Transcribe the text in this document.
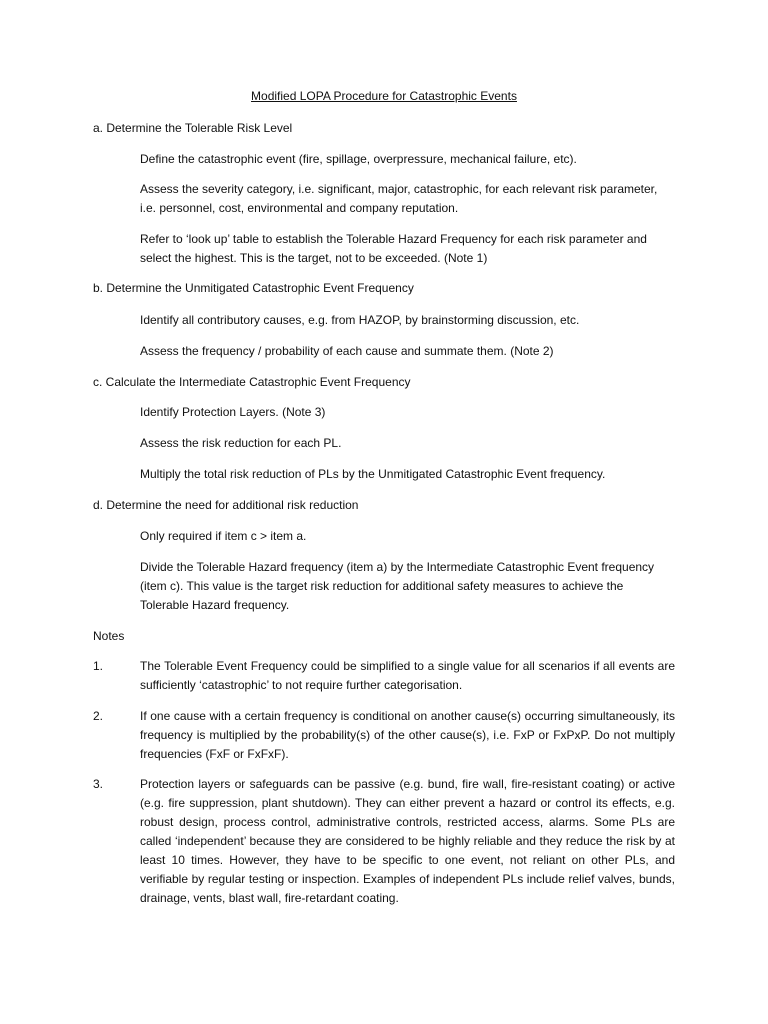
Modified LOPA Procedure for Catastrophic Events

a. Determine the Tolerable Risk Level

Define the catastrophic event (fire, spillage, overpressure, mechanical failure, etc).

Assess the severity category, i.e. significant, major, catastrophic, for each relevant risk parameter, i.e. personnel, cost, environmental and company reputation.

Refer to ‘look up’ table to establish the Tolerable Hazard Frequency for each risk parameter and select the highest. This is the target, not to be exceeded. (Note 1)

b. Determine the Unmitigated Catastrophic Event Frequency

Identify all contributory causes, e.g. from HAZOP, by brainstorming discussion, etc.

Assess the frequency / probability of each cause and summate them. (Note 2)

c. Calculate the Intermediate Catastrophic Event Frequency

Identify Protection Layers. (Note 3)

Assess the risk reduction for each PL.

Multiply the total risk reduction of PLs by the Unmitigated Catastrophic Event frequency.

d. Determine the need for additional risk reduction

Only required if item c > item a.

Divide the Tolerable Hazard frequency (item a) by the Intermediate Catastrophic Event frequency (item c). This value is the target risk reduction for additional safety measures to achieve the Tolerable Hazard frequency.

Notes

1.	The Tolerable Event Frequency could be simplified to a single value for all scenarios if all events are sufficiently ‘catastrophic’ to not require further categorisation.

2.	If one cause with a certain frequency is conditional on another cause(s) occurring simultaneously, its frequency is multiplied by the probability(s) of the other cause(s), i.e. FxP or FxPxP. Do not multiply frequencies (FxF or FxFxF).

3.	Protection layers or safeguards can be passive (e.g. bund, fire wall, fire-resistant coating) or active (e.g. fire suppression, plant shutdown). They can either prevent a hazard or control its effects, e.g. robust design, process control, administrative controls, restricted access, alarms. Some PLs are called ‘independent’ because they are considered to be highly reliable and they reduce the risk by at least 10 times. However, they have to be specific to one event, not reliant on other PLs, and verifiable by regular testing or inspection. Examples of independent PLs include relief valves, bunds, drainage, vents, blast wall, fire-retardant coating.
